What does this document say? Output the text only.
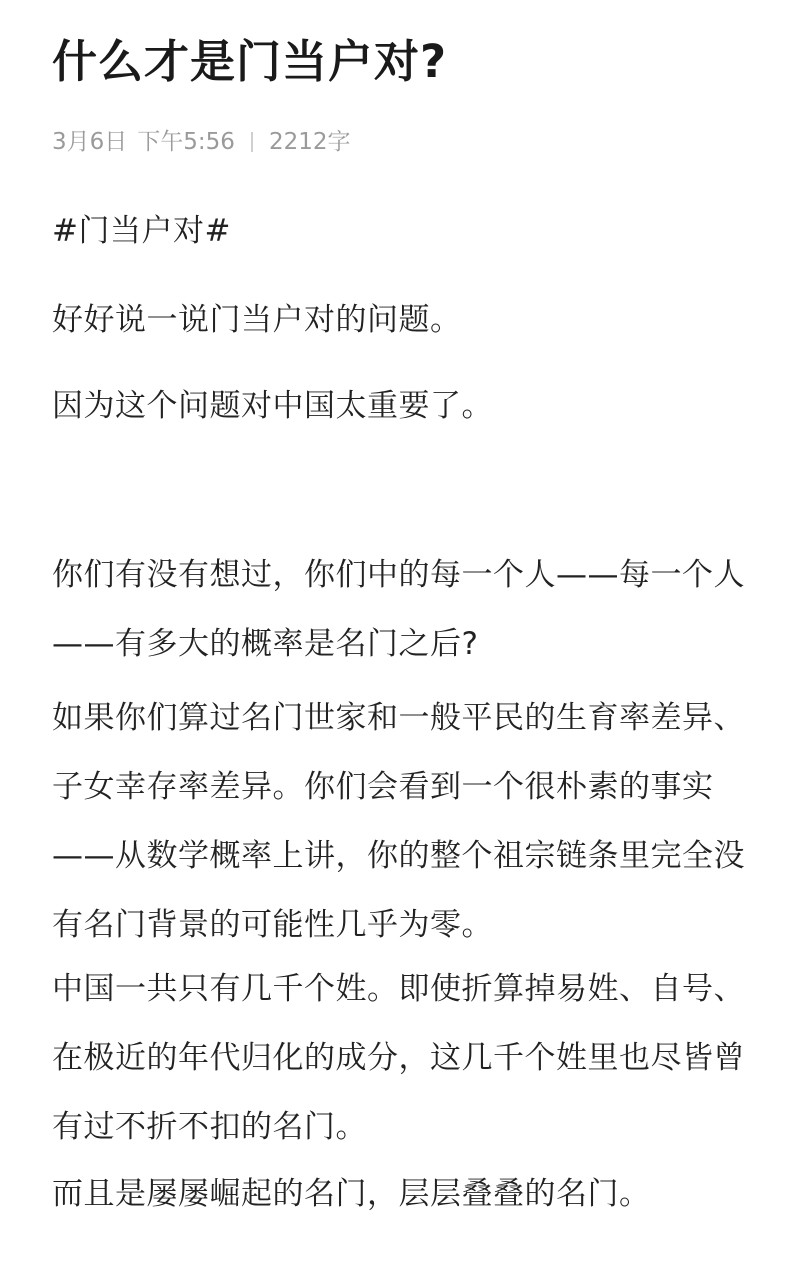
什么才是门当户对?
3月6日 下午5:56 2212字

#门当户对#

好好说一说门当户对的问题。

因为这个问题对中国太重要了。

你们有没有想过，你们中的每一个人——每一个人——有多大的概率是名门之后?

如果你们算过名门世家和一般平民的生育率差异、子女幸存率差异。你们会看到一个很朴素的事实——从数学概率上讲，你的整个祖宗链条里完全没有名门背景的可能性几乎为零。

中国一共只有几千个姓。即使折算掉易姓、自号、在极近的年代归化的成分，这几千个姓里也尽皆曾有过不折不扣的名门。

而且是屡屡崛起的名门，层层叠叠的名门。
